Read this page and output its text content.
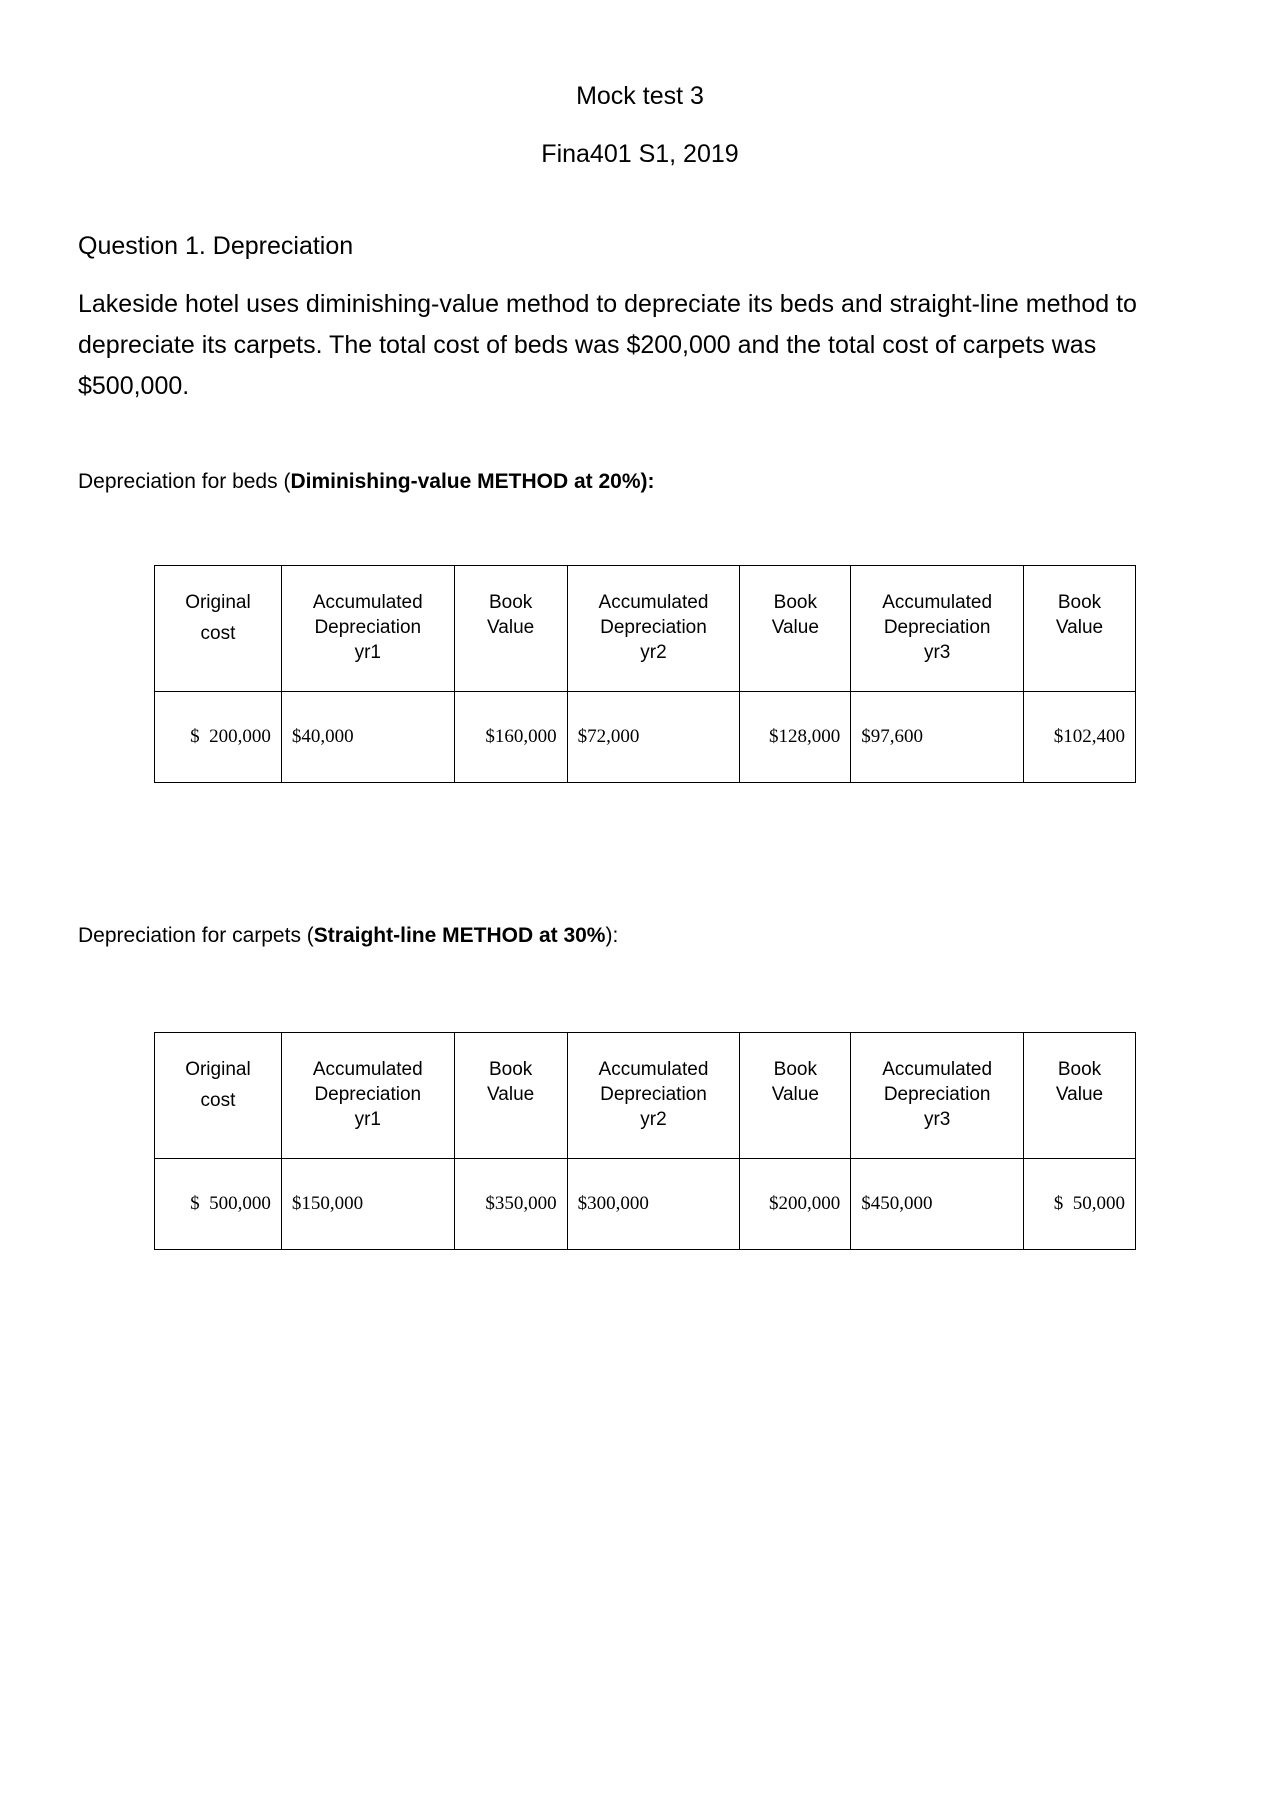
Mock test 3
Fina401 S1, 2019
Question 1. Depreciation
Lakeside hotel uses diminishing-value method to depreciate its beds and straight-line method to depreciate its carpets. The total cost of beds was $200,000 and the total cost of carpets was $500,000.
Depreciation for beds (Diminishing-value METHOD at 20%):
Original
cost	Accumulated
Depreciation
yr1	Book
Value	Accumulated
Depreciation
yr2	Book
Value	Accumulated
Depreciation
yr3	Book
Value

$  200,000	$40,000	$160,000	$72,000	$128,000	$97,600	$102,400
Depreciation for carpets (Straight-line METHOD at 30%):
Original
cost	Accumulated
Depreciation
yr1	Book
Value	Accumulated
Depreciation
yr2	Book
Value	Accumulated
Depreciation
yr3	Book
Value

$  500,000	$150,000	$350,000	$300,000	$200,000	$450,000	$  50,000
